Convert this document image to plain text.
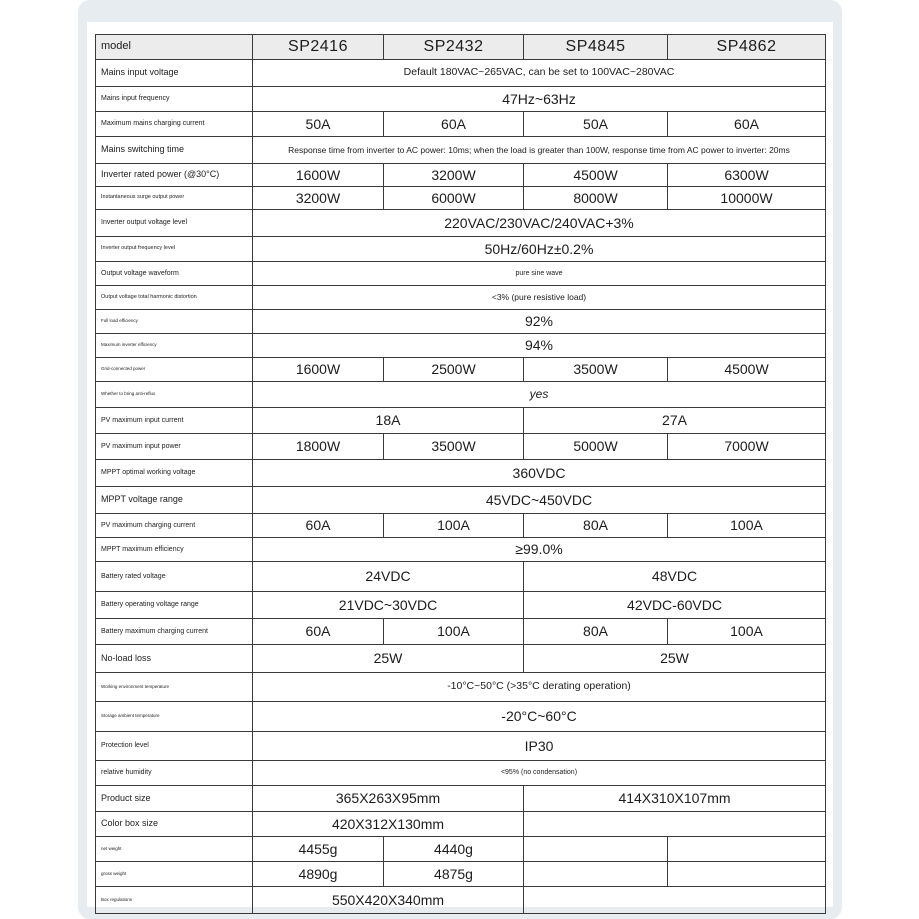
model	SP2416	SP2432	SP4845	SP4862
Mains input voltage	Default 180VAC~265VAC, can be set to 100VAC~280VAC			
Mains input frequency	47Hz~63Hz			
Maximum mains charging current	50A	60A	50A	60A
Mains switching time	Response time from inverter to AC power: 10ms; when the load is greater than 100W, response time from AC power to inverter: 20ms			
Inverter rated power (@30°C)	1600W	3200W	4500W	6300W
Instantaneous surge output power	3200W	6000W	8000W	10000W
Inverter output voltage level	220VAC/230VAC/240VAC+3%			
Inverter output frequency level	50Hz/60Hz±0.2%			
Output voltage waveform	pure sine wave			
Output voltage total harmonic distortion	<3% (pure resistive load)			
Full load efficiency	92%			
Maximum inverter efficiency	94%			
Grid-connected power	1600W	2500W	3500W	4500W
Whether to bring anti-reflux	yes			
PV maximum input current	18A		27A	
PV maximum input power	1800W	3500W	5000W	7000W
MPPT optimal working voltage	360VDC			
MPPT voltage range	45VDC~450VDC			
PV maximum charging current	60A	100A	80A	100A
MPPT maximum efficiency	≥99.0%			
Battery rated voltage	24VDC		48VDC	
Battery operating voltage range	21VDC~30VDC		42VDC-60VDC	
Battery maximum charging current	60A	100A	80A	100A
No-load loss	25W		25W	
Working environment temperature	-10°C~50°C (>35°C derating operation)			
Storage ambient temperature	-20°C~60°C			
Protection level	IP30			
relative humidity	<95% (no condensation)			
Product size	365X263X95mm		414X310X107mm	
Color box size	420X312X130mm			
net weight	4455g	4440g		
gross weight	4890g	4875g		
Box regulations	550X420X340mm			
